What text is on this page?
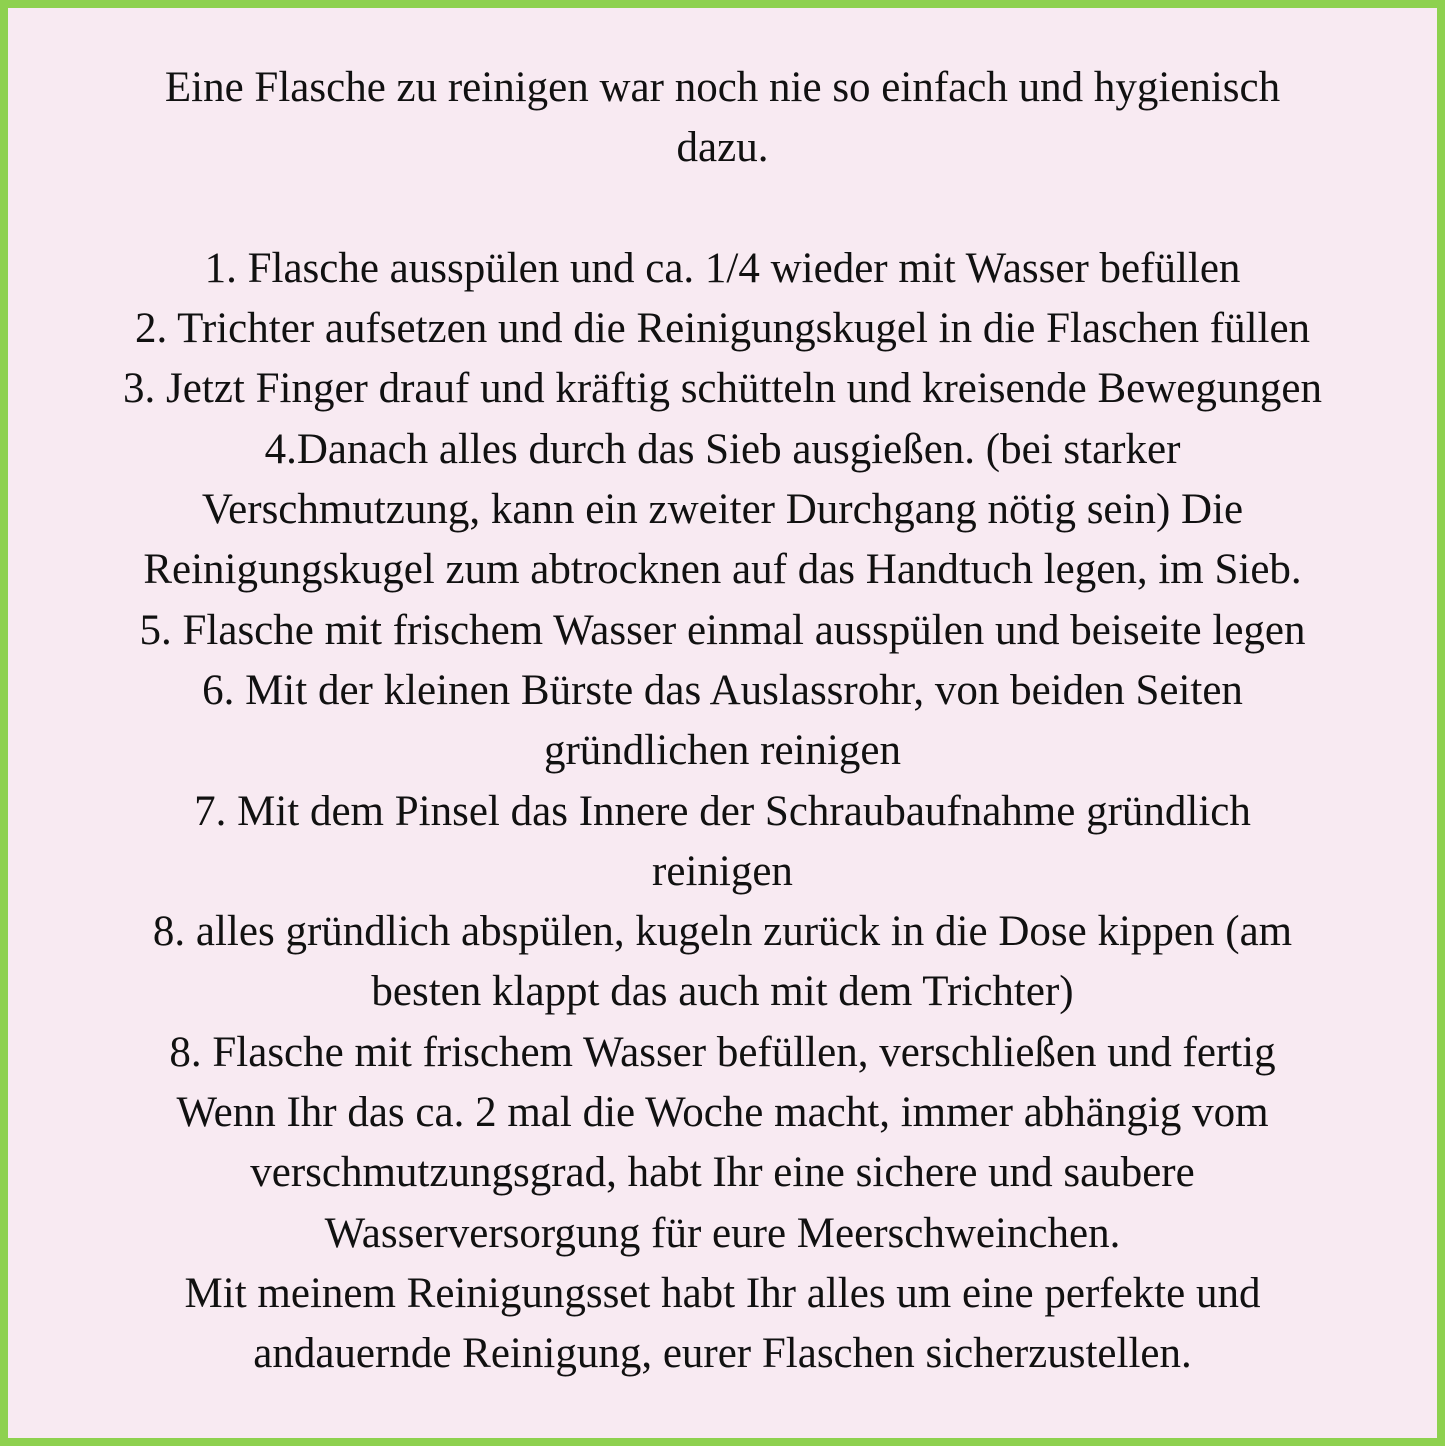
Eine Flasche zu reinigen war noch nie so einfach und hygienisch
dazu.
1. Flasche ausspülen und ca. 1/4 wieder mit Wasser befüllen
2. Trichter aufsetzen und die Reinigungskugel in die Flaschen füllen
3. Jetzt Finger drauf und kräftig schütteln und kreisende Bewegungen
4.Danach alles durch das Sieb ausgießen. (bei starker
Verschmutzung, kann ein zweiter Durchgang nötig sein) Die
Reinigungskugel zum abtrocknen auf das Handtuch legen, im Sieb.
5. Flasche mit frischem Wasser einmal ausspülen und beiseite legen
6. Mit der kleinen Bürste das Auslassrohr, von beiden Seiten
gründlichen reinigen
7. Mit dem Pinsel das Innere der Schraubaufnahme gründlich
reinigen
8. alles gründlich abspülen, kugeln zurück in die Dose kippen (am
besten klappt das auch mit dem Trichter)
8. Flasche mit frischem Wasser befüllen, verschließen und fertig
Wenn Ihr das ca. 2 mal die Woche macht, immer abhängig vom
verschmutzungsgrad, habt Ihr eine sichere und saubere
Wasserversorgung für eure Meerschweinchen.
Mit meinem Reinigungsset habt Ihr alles um eine perfekte und
andauernde Reinigung, eurer Flaschen sicherzustellen.
